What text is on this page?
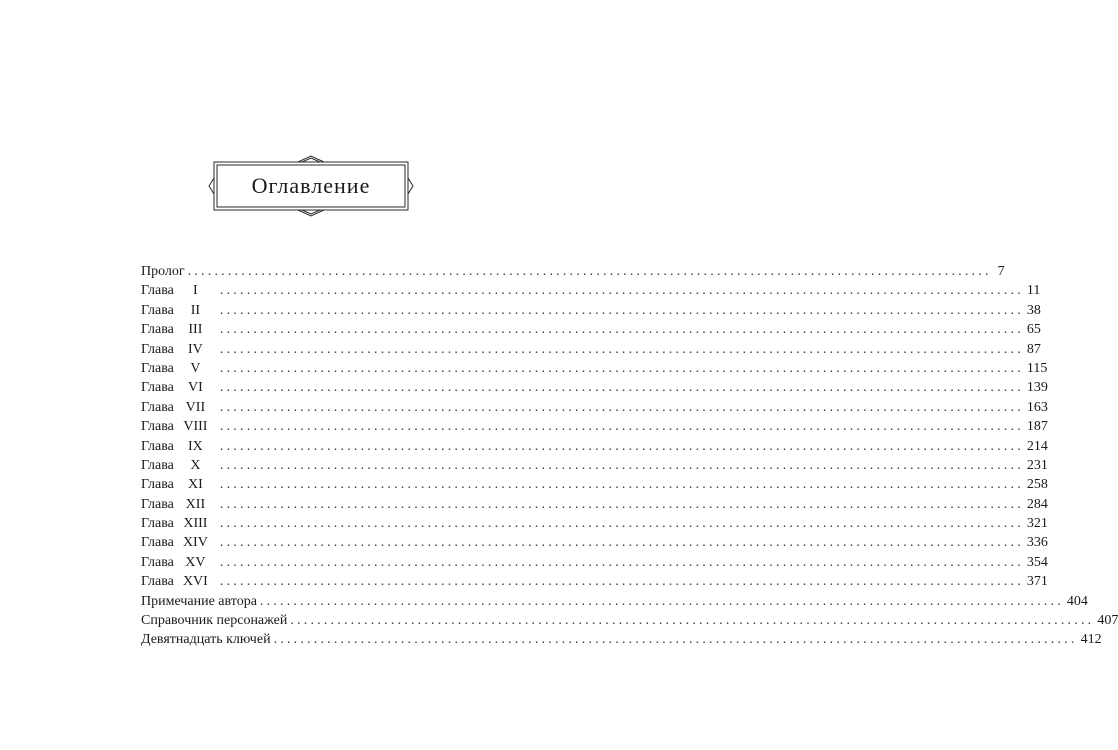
Оглавление
Пролог ........................................................................................................................ 7
Глава	I	........................................................................................................................ 11
Глава	II	........................................................................................................................ 38
Глава	III	........................................................................................................................ 65
Глава	IV	........................................................................................................................ 87
Глава	V	........................................................................................................................ 115
Глава	VI	........................................................................................................................ 139
Глава VII	........................................................................................................................ 163
Глава VIII ........................................................................................................................ 187
Глава	IX	........................................................................................................................ 214
Глава	X	........................................................................................................................ 231
Глава	XI	........................................................................................................................ 258
Глава XII	........................................................................................................................ 284
Глава XIII ........................................................................................................................ 321
Глава XIV ........................................................................................................................ 336
Глава XV	........................................................................................................................ 354
Глава XVI ........................................................................................................................ 371
Примечание автора ........................................................................................................................ 404
Справочник персонажей ........................................................................................................................ 407
Девятнадцать ключей ........................................................................................................................ 412
